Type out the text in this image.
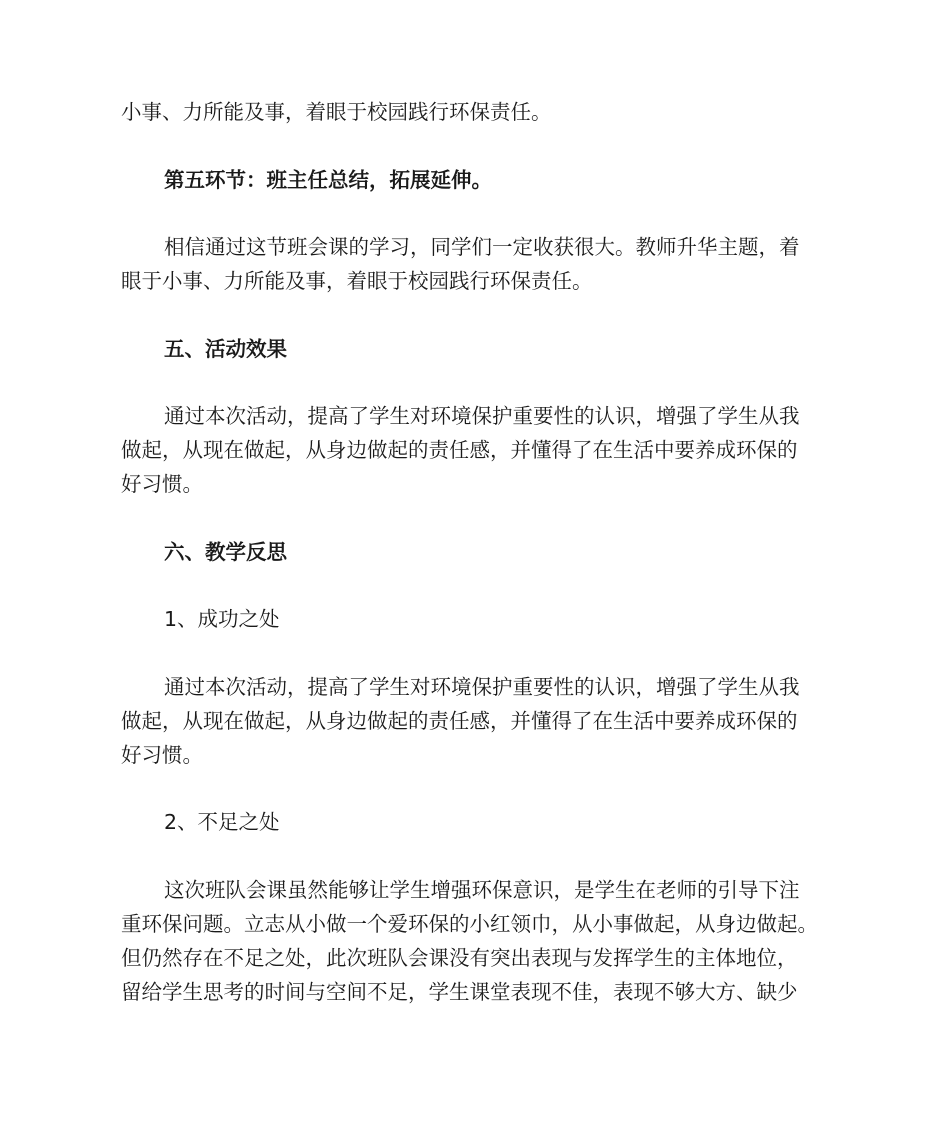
小事、力所能及事，着眼于校园践行环保责任。
第五环节：班主任总结，拓展延伸。
相信通过这节班会课的学习，同学们一定收获很大。教师升华主题，着
眼于小事、力所能及事，着眼于校园践行环保责任。
五、活动效果
通过本次活动，提高了学生对环境保护重要性的认识，增强了学生从我
做起，从现在做起，从身边做起的责任感，并懂得了在生活中要养成环保的
好习惯。
六、教学反思
1、成功之处
通过本次活动，提高了学生对环境保护重要性的认识，增强了学生从我
做起，从现在做起，从身边做起的责任感，并懂得了在生活中要养成环保的
好习惯。
2、不足之处
这次班队会课虽然能够让学生增强环保意识，是学生在老师的引导下注
重环保问题。立志从小做一个爱环保的小红领巾，从小事做起，从身边做起。
但仍然存在不足之处，此次班队会课没有突出表现与发挥学生的主体地位，
留给学生思考的时间与空间不足，学生课堂表现不佳，表现不够大方、缺少
